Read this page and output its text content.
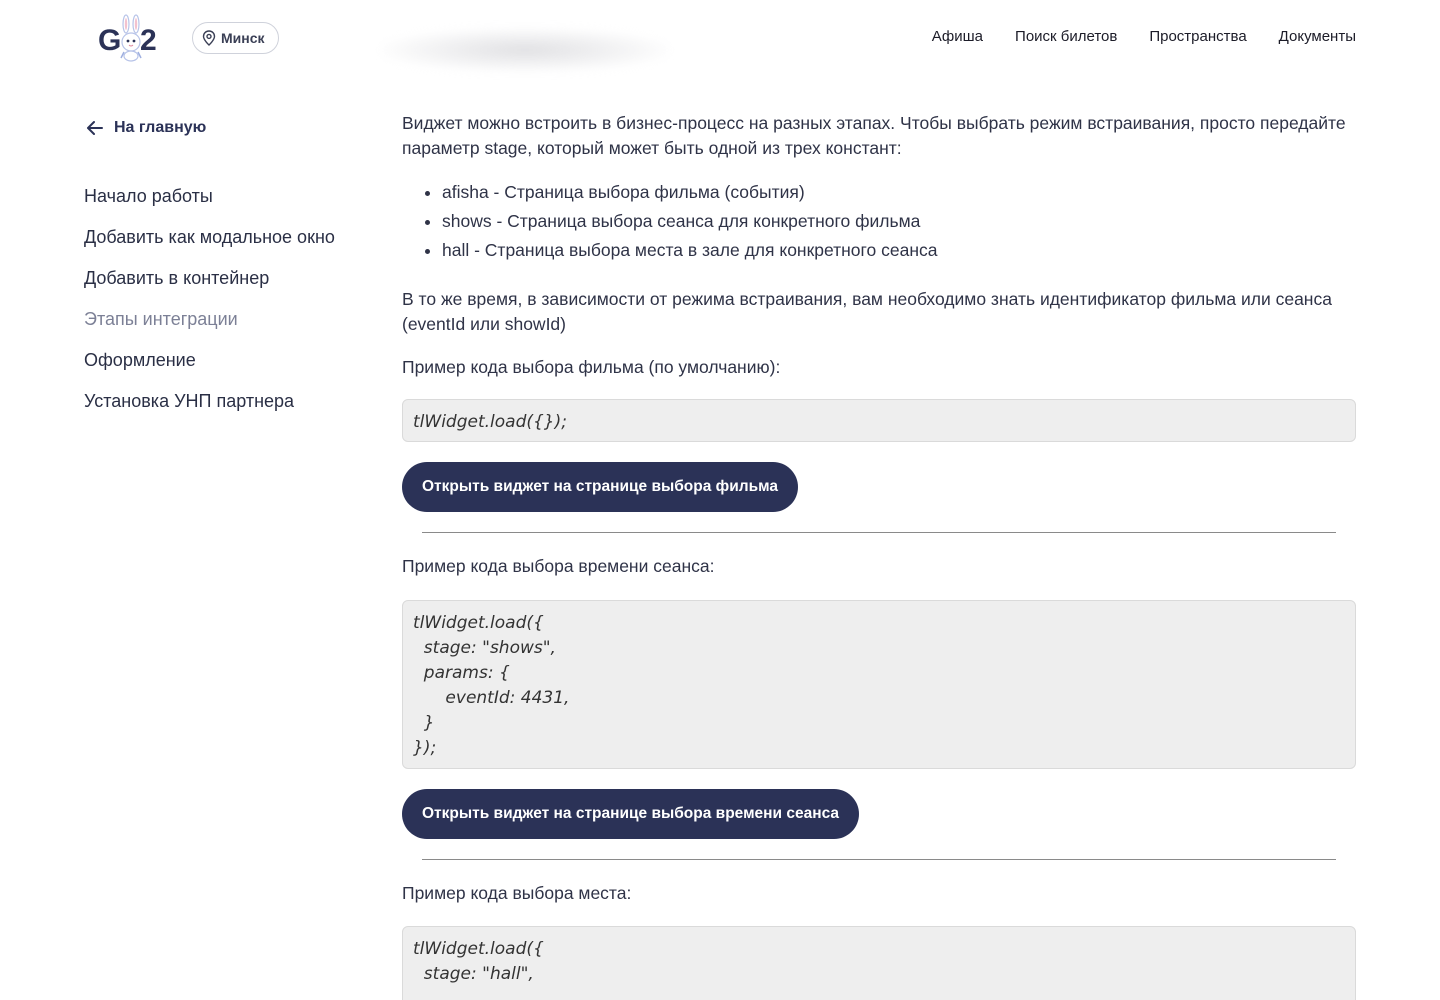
G 2	Минск	Афиша Поиск билетов Пространства Документы
На главную
Начало работы
Добавить как модальное окно
Добавить в контейнер
Этапы интеграции
Оформление
Установка УНП партнера

Виджет можно встроить в бизнес-процесс на разных этапах. Чтобы выбрать режим встраивания, просто передайте параметр stage, который может быть одной из трех констант:

• afisha - Страница выбора фильма (события)
• shows - Страница выбора сеанса для конкретного фильма
• hall - Страница выбора места в зале для конкретного сеанса

В то же время, в зависимости от режима встраивания, вам необходимо знать идентификатор фильма или сеанса (eventId или showId)

Пример кода выбора фильма (по умолчанию):

tlWidget.load({});
Открыть виджет на странице выбора фильма

Пример кода выбора времени сеанса:

tlWidget.load({
stage: "shows",
params: {
eventId: 4431,
}
});
Открыть виджет на странице выбора времени сеанса

Пример кода выбора места:

tlWidget.load({
stage: "hall",
